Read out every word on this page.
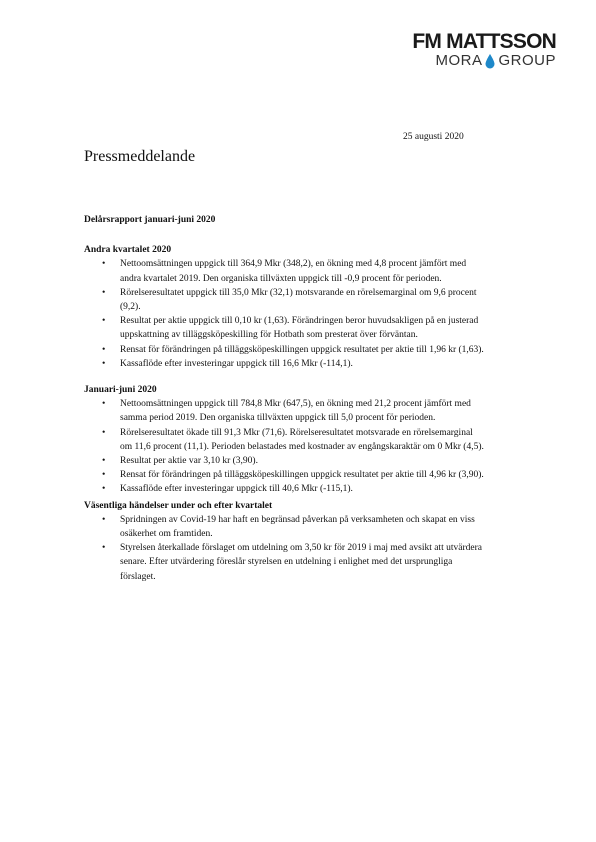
FM MATTSSON
MORA GROUP
25 augusti 2020
Pressmeddelande

Delårsrapport januari-juni 2020

Andra kvartalet 2020

• Nettoomsättningen uppgick till 364,9 Mkr (348,2), en ökning med 4,8 procent jämfört med andra kvartalet 2019. Den organiska tillväxten uppgick till -0,9 procent för perioden.
• Rörelseresultatet uppgick till 35,0 Mkr (32,1) motsvarande en rörelsemarginal om 9,6 procent (9,2).
• Resultat per aktie uppgick till 0,10 kr (1,63). Förändringen beror huvudsakligen på en justerad uppskattning av tilläggsköpeskilling för Hotbath som presterat över förväntan.
• Rensat för förändringen på tilläggsköpeskillingen uppgick resultatet per aktie till 1,96 kr (1,63).
• Kassaflöde efter investeringar uppgick till 16,6 Mkr (-114,1).

Januari-juni 2020

• Nettoomsättningen uppgick till 784,8 Mkr (647,5), en ökning med 21,2 procent jämfört med samma period 2019. Den organiska tillväxten uppgick till 5,0 procent för perioden.
• Rörelseresultatet ökade till 91,3 Mkr (71,6). Rörelseresultatet motsvarade en rörelsemarginal om 11,6 procent (11,1). Perioden belastades med kostnader av engångskaraktär om 0 Mkr (4,5).
• Resultat per aktie var 3,10 kr (3,90).
• Rensat för förändringen på tilläggsköpeskillingen uppgick resultatet per aktie till 4,96 kr (3,90).
• Kassaflöde efter investeringar uppgick till 40,6 Mkr (-115,1).

Väsentliga händelser under och efter kvartalet

• Spridningen av Covid-19 har haft en begränsad påverkan på verksamheten och skapat en viss osäkerhet om framtiden.
• Styrelsen återkallade förslaget om utdelning om 3,50 kr för 2019 i maj med avsikt att utvärdera senare. Efter utvärdering föreslår styrelsen en utdelning i enlighet med det ursprungliga förslaget.
